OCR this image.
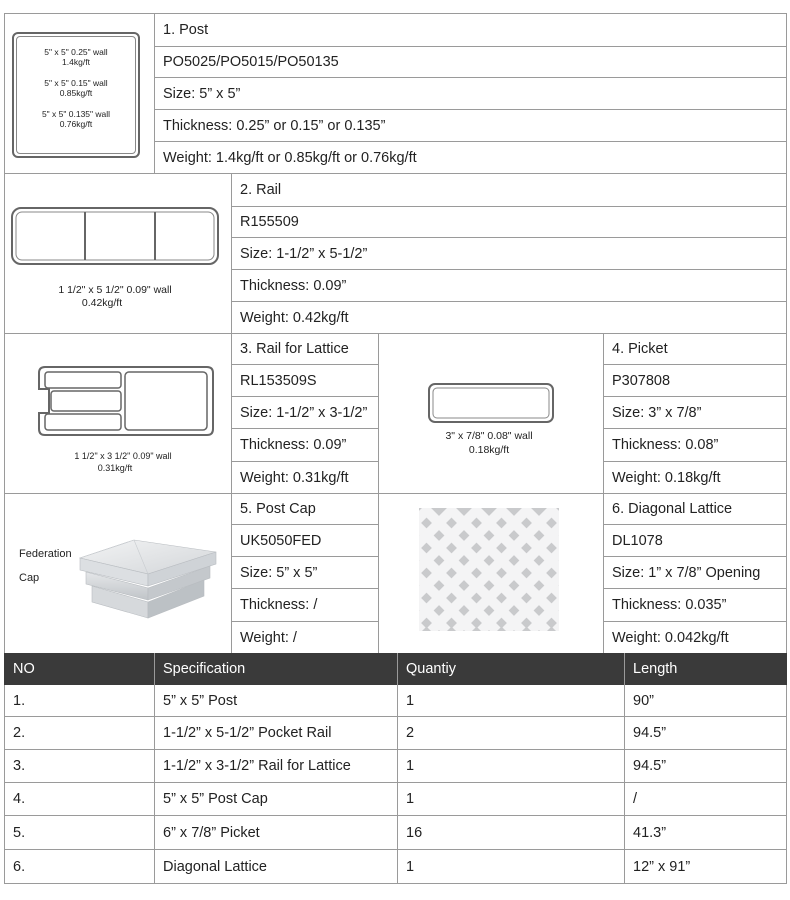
5" x 5" 0.25" wall
1.4kg/ft
5" x 5" 0.15" wall
0.85kg/ft
5" x 5" 0.135" wall
0.76kg/ft
1. Post
PO5025/PO5015/PO50135
Size: 5” x 5”
Thickness: 0.25” or 0.15” or 0.135”
Weight: 1.4kg/ft or 0.85kg/ft or 0.76kg/ft
1 1/2" x 5 1/2" 0.09" wall
0.42kg/ft
2. Rail
R155509
Size: 1-1/2” x 5-1/2”
Thickness: 0.09”
Weight: 0.42kg/ft
1 1/2" x 3 1/2" 0.09" wall
0.31kg/ft
3. Rail for Lattice
RL153509S
Size: 1-1/2” x 3-1/2”
Thickness: 0.09”
Weight: 0.31kg/ft
3" x 7/8" 0.08" wall
0.18kg/ft
4. Picket
P307808
Size: 3” x 7/8”
Thickness: 0.08”
Weight: 0.18kg/ft
Federation
Cap
5. Post Cap
UK5050FED
Size: 5” x 5”
Thickness: /
Weight: /
6. Diagonal Lattice
DL1078
Size: 1” x 7/8” Opening
Thickness: 0.035”
Weight: 0.042kg/ft
NO	Specification	Quantiy	Length
1.	5” x 5” Post	1	90”
2.	1-1/2” x 5-1/2” Pocket Rail	2	94.5”
3.	1-1/2” x 3-1/2” Rail for Lattice	1	94.5”
4.	5” x 5” Post Cap	1	/
5.	6” x 7/8” Picket	16	41.3”
6.	Diagonal Lattice	1	12” x 91”
